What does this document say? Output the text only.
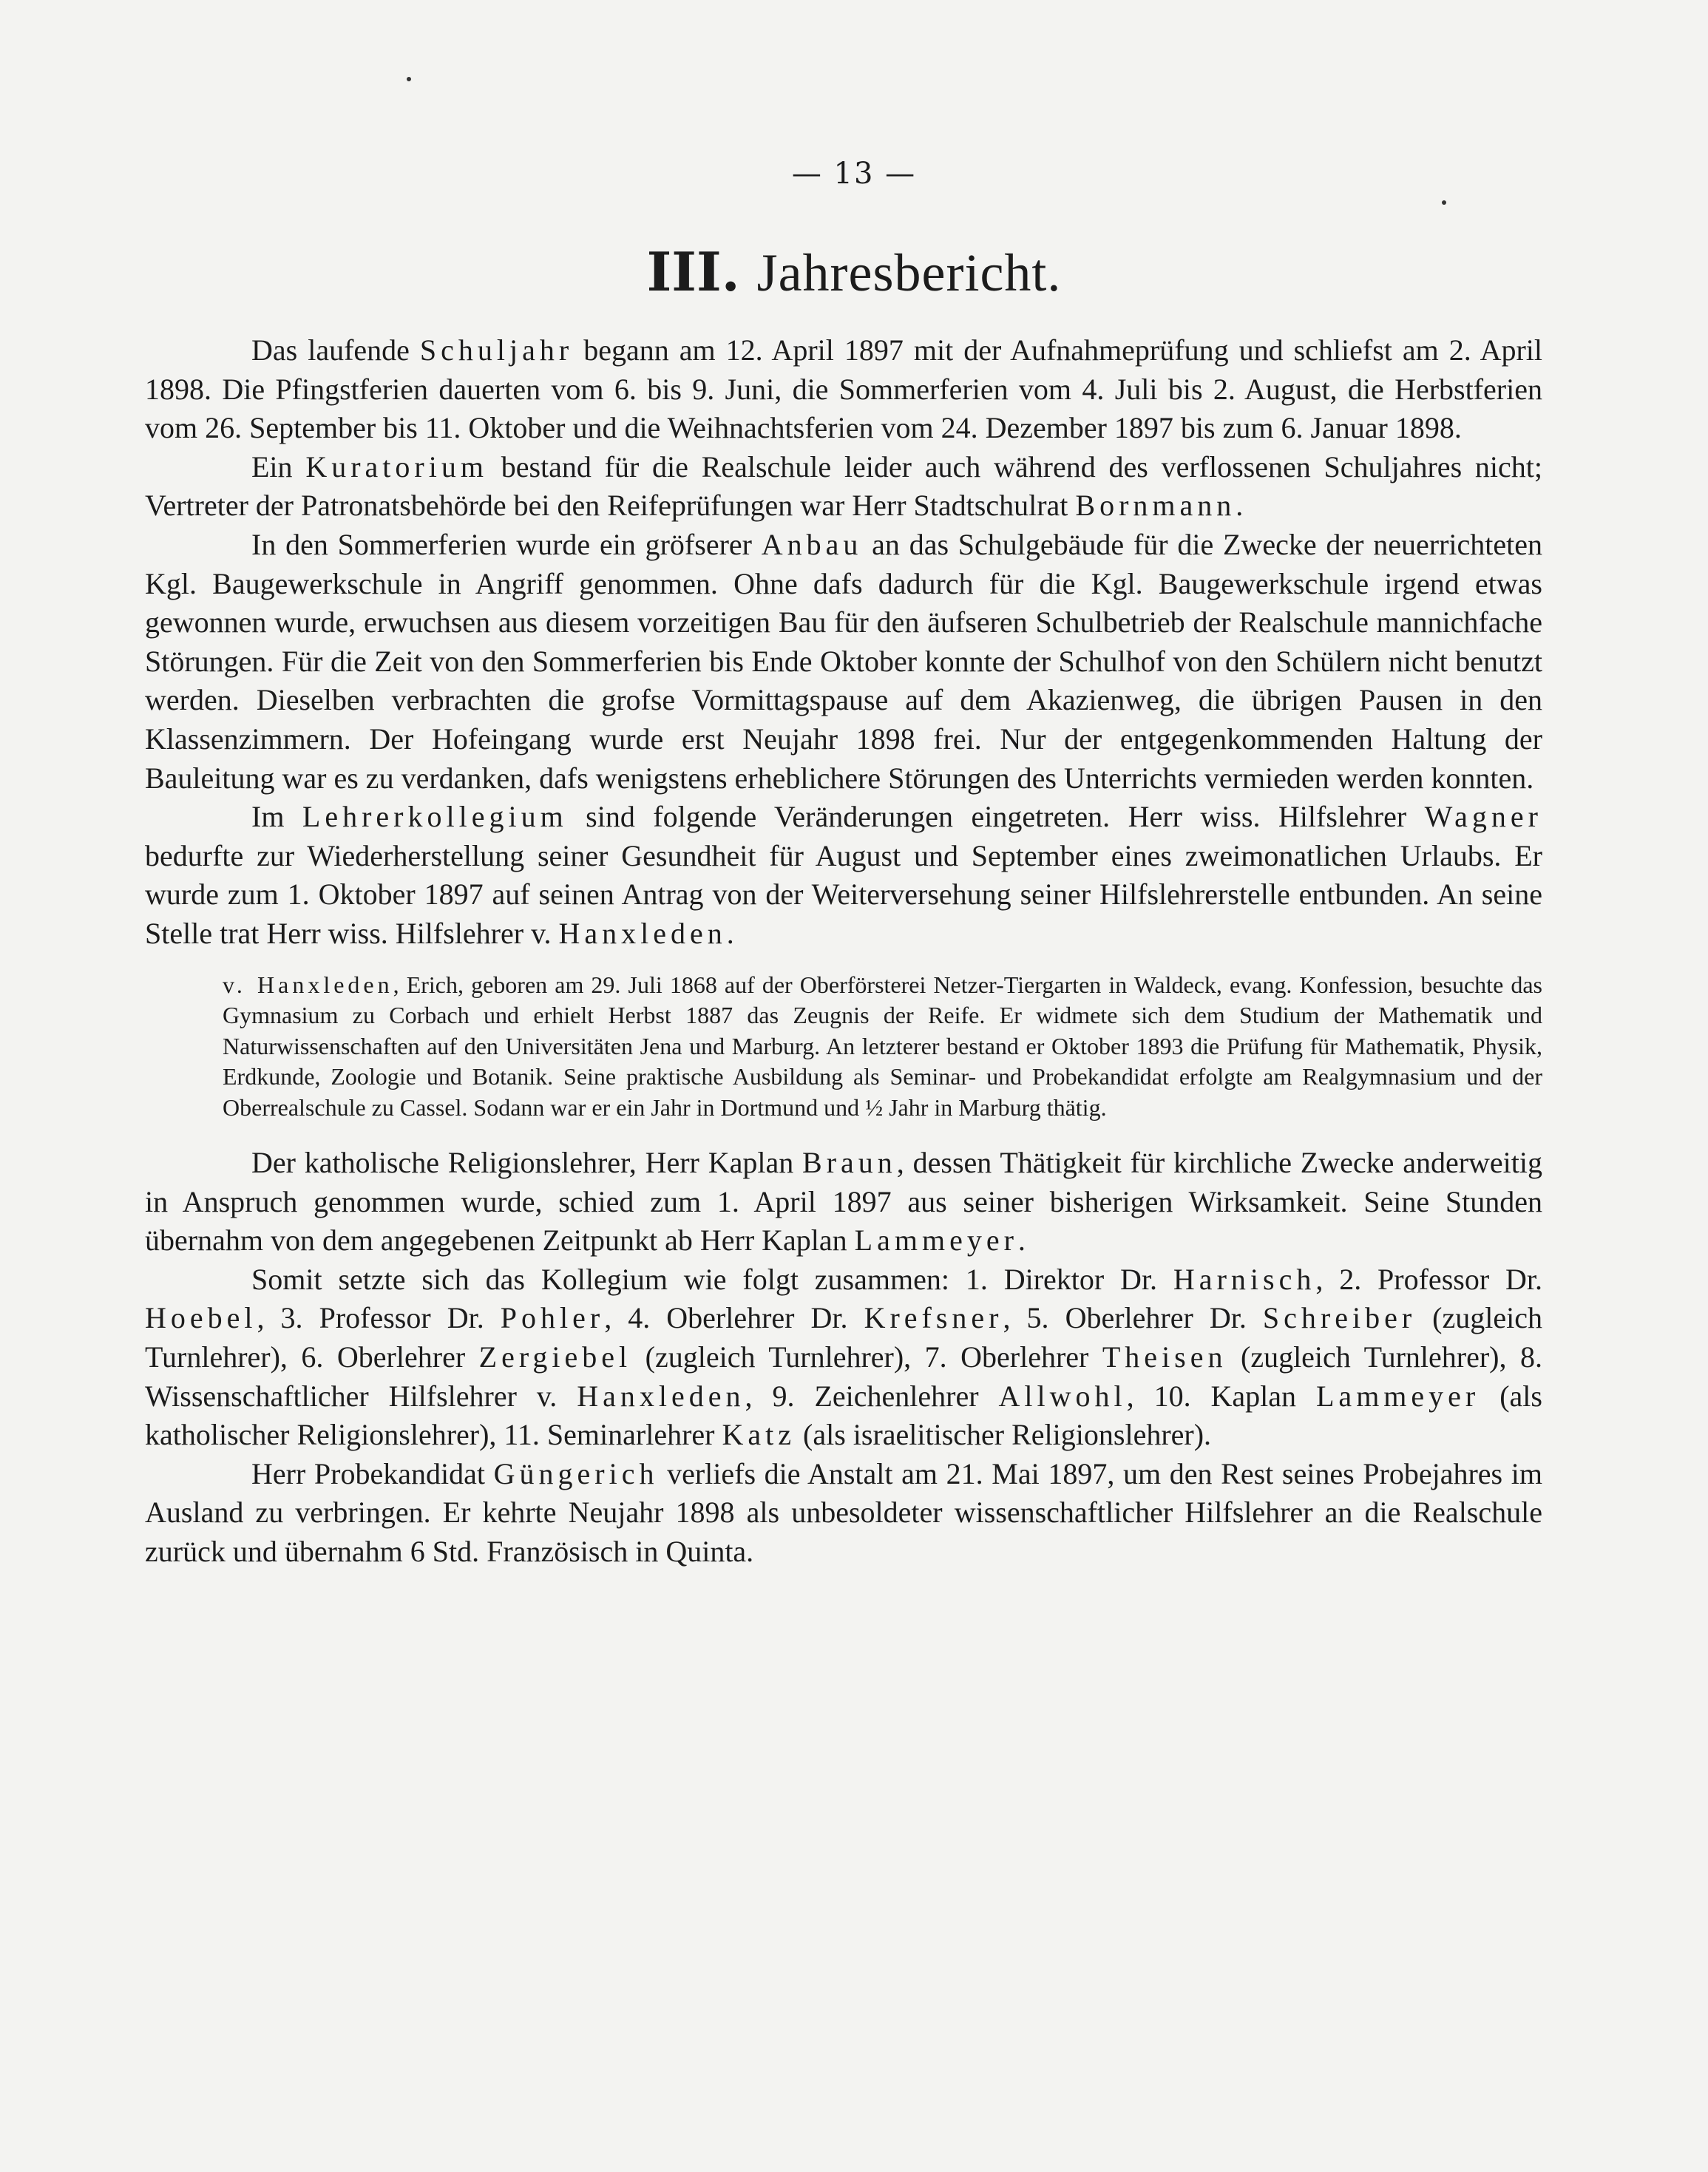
— 13 —
III. Jahresbericht.

Das laufende Schuljahr begann am 12. April 1897 mit der Aufnahmeprüfung und schliefst am 2. April 1898. Die Pfingstferien dauerten vom 6. bis 9. Juni, die Sommerferien vom 4. Juli bis 2. August, die Herbstferien vom 26. September bis 11. Oktober und die Weihnachtsferien vom 24. Dezember 1897 bis zum 6. Januar 1898.

Ein Kuratorium bestand für die Realschule leider auch während des verflossenen Schuljahres nicht; Vertreter der Patronatsbehörde bei den Reifeprüfungen war Herr Stadtschulrat Bornmann.

In den Sommerferien wurde ein gröfserer Anbau an das Schulgebäude für die Zwecke der neuerrichteten Kgl. Baugewerkschule in Angriff genommen. Ohne dafs dadurch für die Kgl. Baugewerkschule irgend etwas gewonnen wurde, erwuchsen aus diesem vorzeitigen Bau für den äufseren Schulbetrieb der Realschule mannichfache Störungen. Für die Zeit von den Sommerferien bis Ende Oktober konnte der Schulhof von den Schülern nicht benutzt werden. Dieselben verbrachten die grofse Vormittagspause auf dem Akazienweg, die übrigen Pausen in den Klassenzimmern. Der Hofeingang wurde erst Neujahr 1898 frei. Nur der entgegenkommenden Haltung der Bauleitung war es zu verdanken, dafs wenigstens erheblichere Störungen des Unterrichts vermieden werden konnten.

Im Lehrerkollegium sind folgende Veränderungen eingetreten. Herr wiss. Hilfslehrer Wagner bedurfte zur Wiederherstellung seiner Gesundheit für August und September eines zweimonatlichen Urlaubs. Er wurde zum 1. Oktober 1897 auf seinen Antrag von der Weiterversehung seiner Hilfslehrerstelle entbunden. An seine Stelle trat Herr wiss. Hilfslehrer v. Hanxleden.

v. Hanxleden, Erich, geboren am 29. Juli 1868 auf der Oberförsterei Netzer-Tiergarten in Waldeck, evang. Konfession, besuchte das Gymnasium zu Corbach und erhielt Herbst 1887 das Zeugnis der Reife. Er widmete sich dem Studium der Mathematik und Naturwissenschaften auf den Universitäten Jena und Marburg. An letzterer bestand er Oktober 1893 die Prüfung für Mathematik, Physik, Erdkunde, Zoologie und Botanik. Seine praktische Ausbildung als Seminar- und Probekandidat erfolgte am Realgymnasium und der Oberrealschule zu Cassel. Sodann war er ein Jahr in Dortmund und ½ Jahr in Marburg thätig.

Der katholische Religionslehrer, Herr Kaplan Braun, dessen Thätigkeit für kirchliche Zwecke anderweitig in Anspruch genommen wurde, schied zum 1. April 1897 aus seiner bisherigen Wirksamkeit. Seine Stunden übernahm von dem angegebenen Zeitpunkt ab Herr Kaplan Lammeyer.

Somit setzte sich das Kollegium wie folgt zusammen: 1. Direktor Dr. Harnisch, 2. Professor Dr. Hoebel, 3. Professor Dr. Pohler, 4. Oberlehrer Dr. Krefsner, 5. Oberlehrer Dr. Schreiber (zugleich Turnlehrer), 6. Oberlehrer Zergiebel (zugleich Turnlehrer), 7. Oberlehrer Theisen (zugleich Turnlehrer), 8. Wissenschaftlicher Hilfslehrer v. Hanxleden, 9. Zeichenlehrer Allwohl, 10. Kaplan Lammeyer (als katholischer Religionslehrer), 11. Seminarlehrer Katz (als israelitischer Religionslehrer).

Herr Probekandidat Güngerich verliefs die Anstalt am 21. Mai 1897, um den Rest seines Probejahres im Ausland zu verbringen. Er kehrte Neujahr 1898 als unbesoldeter wissenschaftlicher Hilfslehrer an die Realschule zurück und übernahm 6 Std. Französisch in Quinta.
